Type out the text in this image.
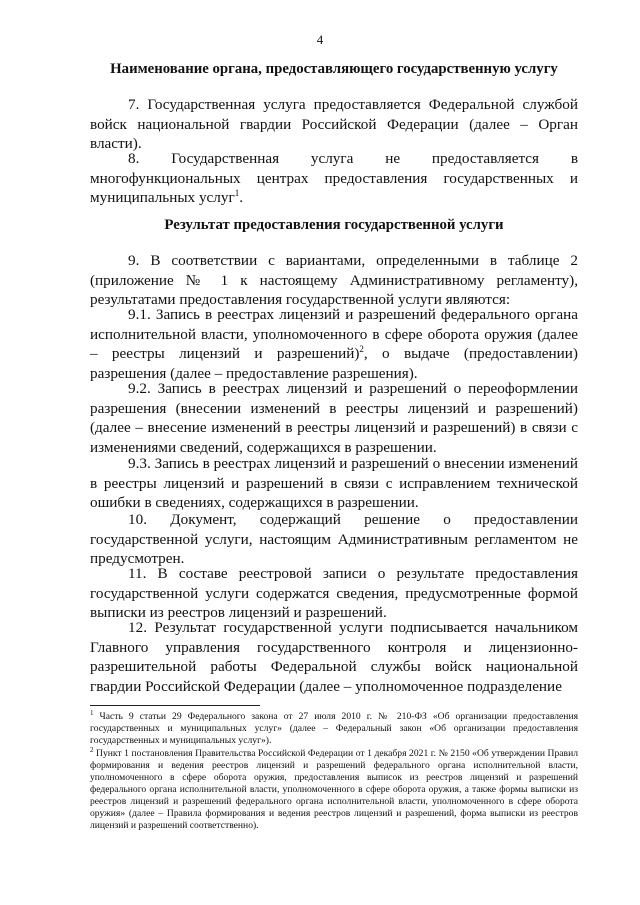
4
Наименование органа, предоставляющего государственную услугу

7. Государственная услуга предоставляется Федеральной службой войск национальной гвардии Российской Федерации (далее – Орган власти).

8. Государственная услуга не предоставляется в многофункциональных центрах предоставления государственных и муниципальных услуг$^1$.

Результат предоставления государственной услуги

9. В соответствии с вариантами, определенными в таблице 2 (приложение № 1 к настоящему Административному регламенту), результатами предоставления государственной услуги являются:

9.1. Запись в реестрах лицензий и разрешений федерального органа исполнительной власти, уполномоченного в сфере оборота оружия (далее – реестры лицензий и разрешений)$^2$, о выдаче (предоставлении) разрешения (далее – предоставление разрешения).

9.2. Запись в реестрах лицензий и разрешений о переоформлении разрешения (внесении изменений в реестры лицензий и разрешений) (далее – внесение изменений в реестры лицензий и разрешений) в связи с изменениями сведений, содержащихся в разрешении.

9.3. Запись в реестрах лицензий и разрешений о внесении изменений в реестры лицензий и разрешений в связи с исправлением технической ошибки в сведениях, содержащихся в разрешении.

10. Документ, содержащий решение о предоставлении государственной услуги, настоящим Административным регламентом не предусмотрен.

11. В составе реестровой записи о результате предоставления государственной услуги содержатся сведения, предусмотренные формой выписки из реестров лицензий и разрешений.

12. Результат государственной услуги подписывается начальником Главного управления государственного контроля и лицензионно-разрешительной работы Федеральной службы войск национальной гвардии Российской Федерации (далее – уполномоченное подразделение

$^1$ Часть 9 статьи 29 Федерального закона от 27 июля 2010 г. № 210-ФЗ «Об организации предоставления государственных и муниципальных услуг» (далее – Федеральный закон «Об организации предоставления государственных и муниципальных услуг»).

$^2$ Пункт 1 постановления Правительства Российской Федерации от 1 декабря 2021 г. № 2150 «Об утверждении Правил формирования и ведения реестров лицензий и разрешений федерального органа исполнительной власти, уполномоченного в сфере оборота оружия, предоставления выписок из реестров лицензий и разрешений федерального органа исполнительной власти, уполномоченного в сфере оборота оружия, а также формы выписки из реестров лицензий и разрешений федерального органа исполнительной власти, уполномоченного в сфере оборота оружия» (далее – Правила формирования и ведения реестров лицензий и разрешений, форма выписки из реестров лицензий и разрешений соответственно).
